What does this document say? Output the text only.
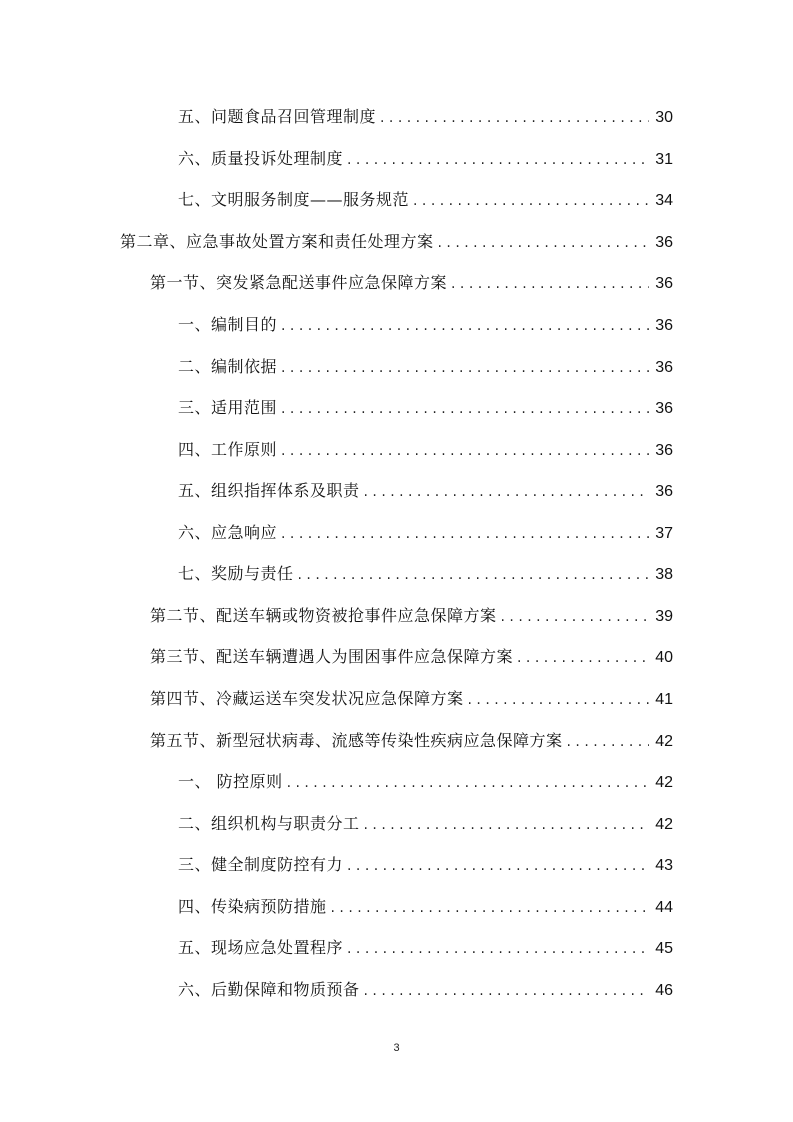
五、问题食品召回管理制度 . . .	30
六、质量投诉处理制度 . . .	31
七、文明服务制度——服务规范 . . .	34
第二章、应急事故处置方案和责任处理方案 . . .	36
第一节、突发紧急配送事件应急保障方案 . . .	36
一、编制目的 . . .	36
二、编制依据 . . .	36
三、适用范围 . . .	36
四、工作原则 . . .	36
五、组织指挥体系及职责 . . .	36
六、应急响应 . . .	37
七、奖励与责任 . . .	38
第二节、配送车辆或物资被抢事件应急保障方案 . . .	39
第三节、配送车辆遭遇人为围困事件应急保障方案 . . .	40
第四节、冷藏运送车突发状况应急保障方案 . . .	41
第五节、新型冠状病毒、流感等传染性疾病应急保障方案 . . .	42
一、 防控原则 . . .	42
二、组织机构与职责分工 . . .	42
三、健全制度防控有力 . . .	43
四、传染病预防措施 . . .	44
五、现场应急处置程序 . . .	45
六、后勤保障和物质预备 . . .	46
3
